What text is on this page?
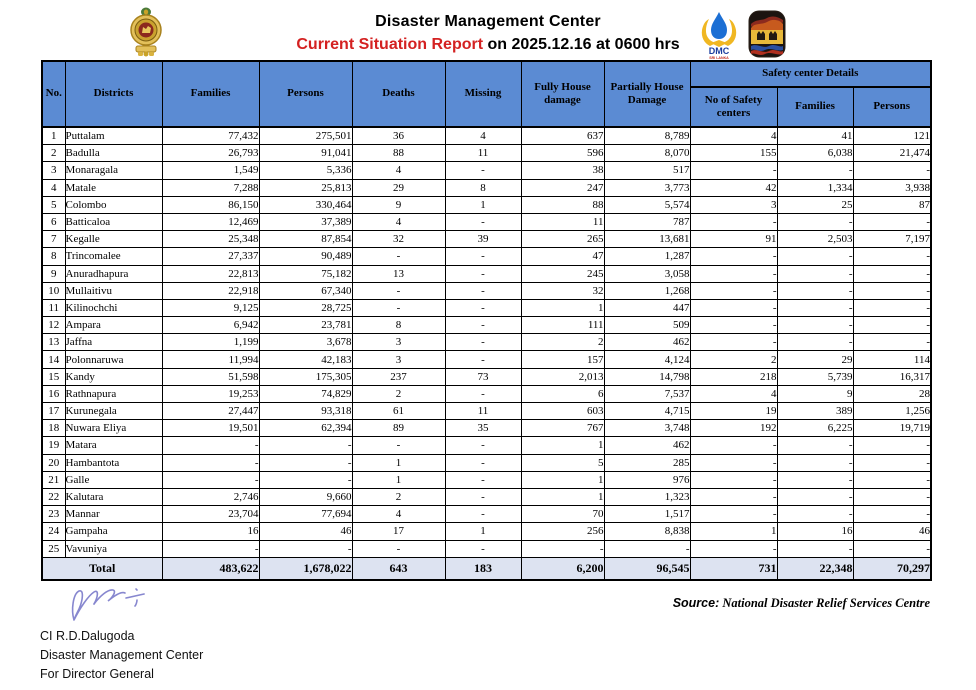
Disaster Management Center
Current Situation Report on 2025.12.16 at 0600 hrs	DMC
SRI LANKA
No.	Districts	Families	Persons	Deaths	Missing	Fully House damage	Partially House Damage	Safety center Details		
								No of Safety centers	Families	Persons
1	Puttalam	77,432	275,501	36	4	637	8,789	4	41	121
2	Badulla	26,793	91,041	88	11	596	8,070	155	6,038	21,474
3	Monaragala	1,549	5,336	4	-	38	517	-	-	-
4	Matale	7,288	25,813	29	8	247	3,773	42	1,334	3,938
5	Colombo	86,150	330,464	9	1	88	5,574	3	25	87
6	Batticaloa	12,469	37,389	4	-	11	787	-	-	-
7	Kegalle	25,348	87,854	32	39	265	13,681	91	2,503	7,197
8	Trincomalee	27,337	90,489	-	-	47	1,287	-	-	-
9	Anuradhapura	22,813	75,182	13	-	245	3,058	-	-	-
10	Mullaitivu	22,918	67,340	-	-	32	1,268	-	-	-
11	Kilinochchi	9,125	28,725	-	-	1	447	-	-	-
12	Ampara	6,942	23,781	8	-	111	509	-	-	-
13	Jaffna	1,199	3,678	3	-	2	462	-	-	-
14	Polonnaruwa	11,994	42,183	3	-	157	4,124	2	29	114
15	Kandy	51,598	175,305	237	73	2,013	14,798	218	5,739	16,317
16	Rathnapura	19,253	74,829	2	-	6	7,537	4	9	28
17	Kurunegala	27,447	93,318	61	11	603	4,715	19	389	1,256
18	Nuwara Eliya	19,501	62,394	89	35	767	3,748	192	6,225	19,719
19	Matara	-	-	-	-	1	462	-	-	-
20	Hambantota	-	-	1	-	5	285	-	-	-
21	Galle	-	-	1	-	1	976	-	-	-
22	Kalutara	2,746	9,660	2	-	1	1,323	-	-	-
23	Mannar	23,704	77,694	4	-	70	1,517	-	-	-
24	Gampaha	16	46	17	1	256	8,838	1	16	46
25	Vavuniya	-	-	-	-	-	-	-	-	-
Total		483,622	1,678,022	643	183	6,200	96,545	731	22,348	70,297
Source: National Disaster Relief Services Centre
CI R.D.Dalugoda
Disaster Management Center
For Director General
